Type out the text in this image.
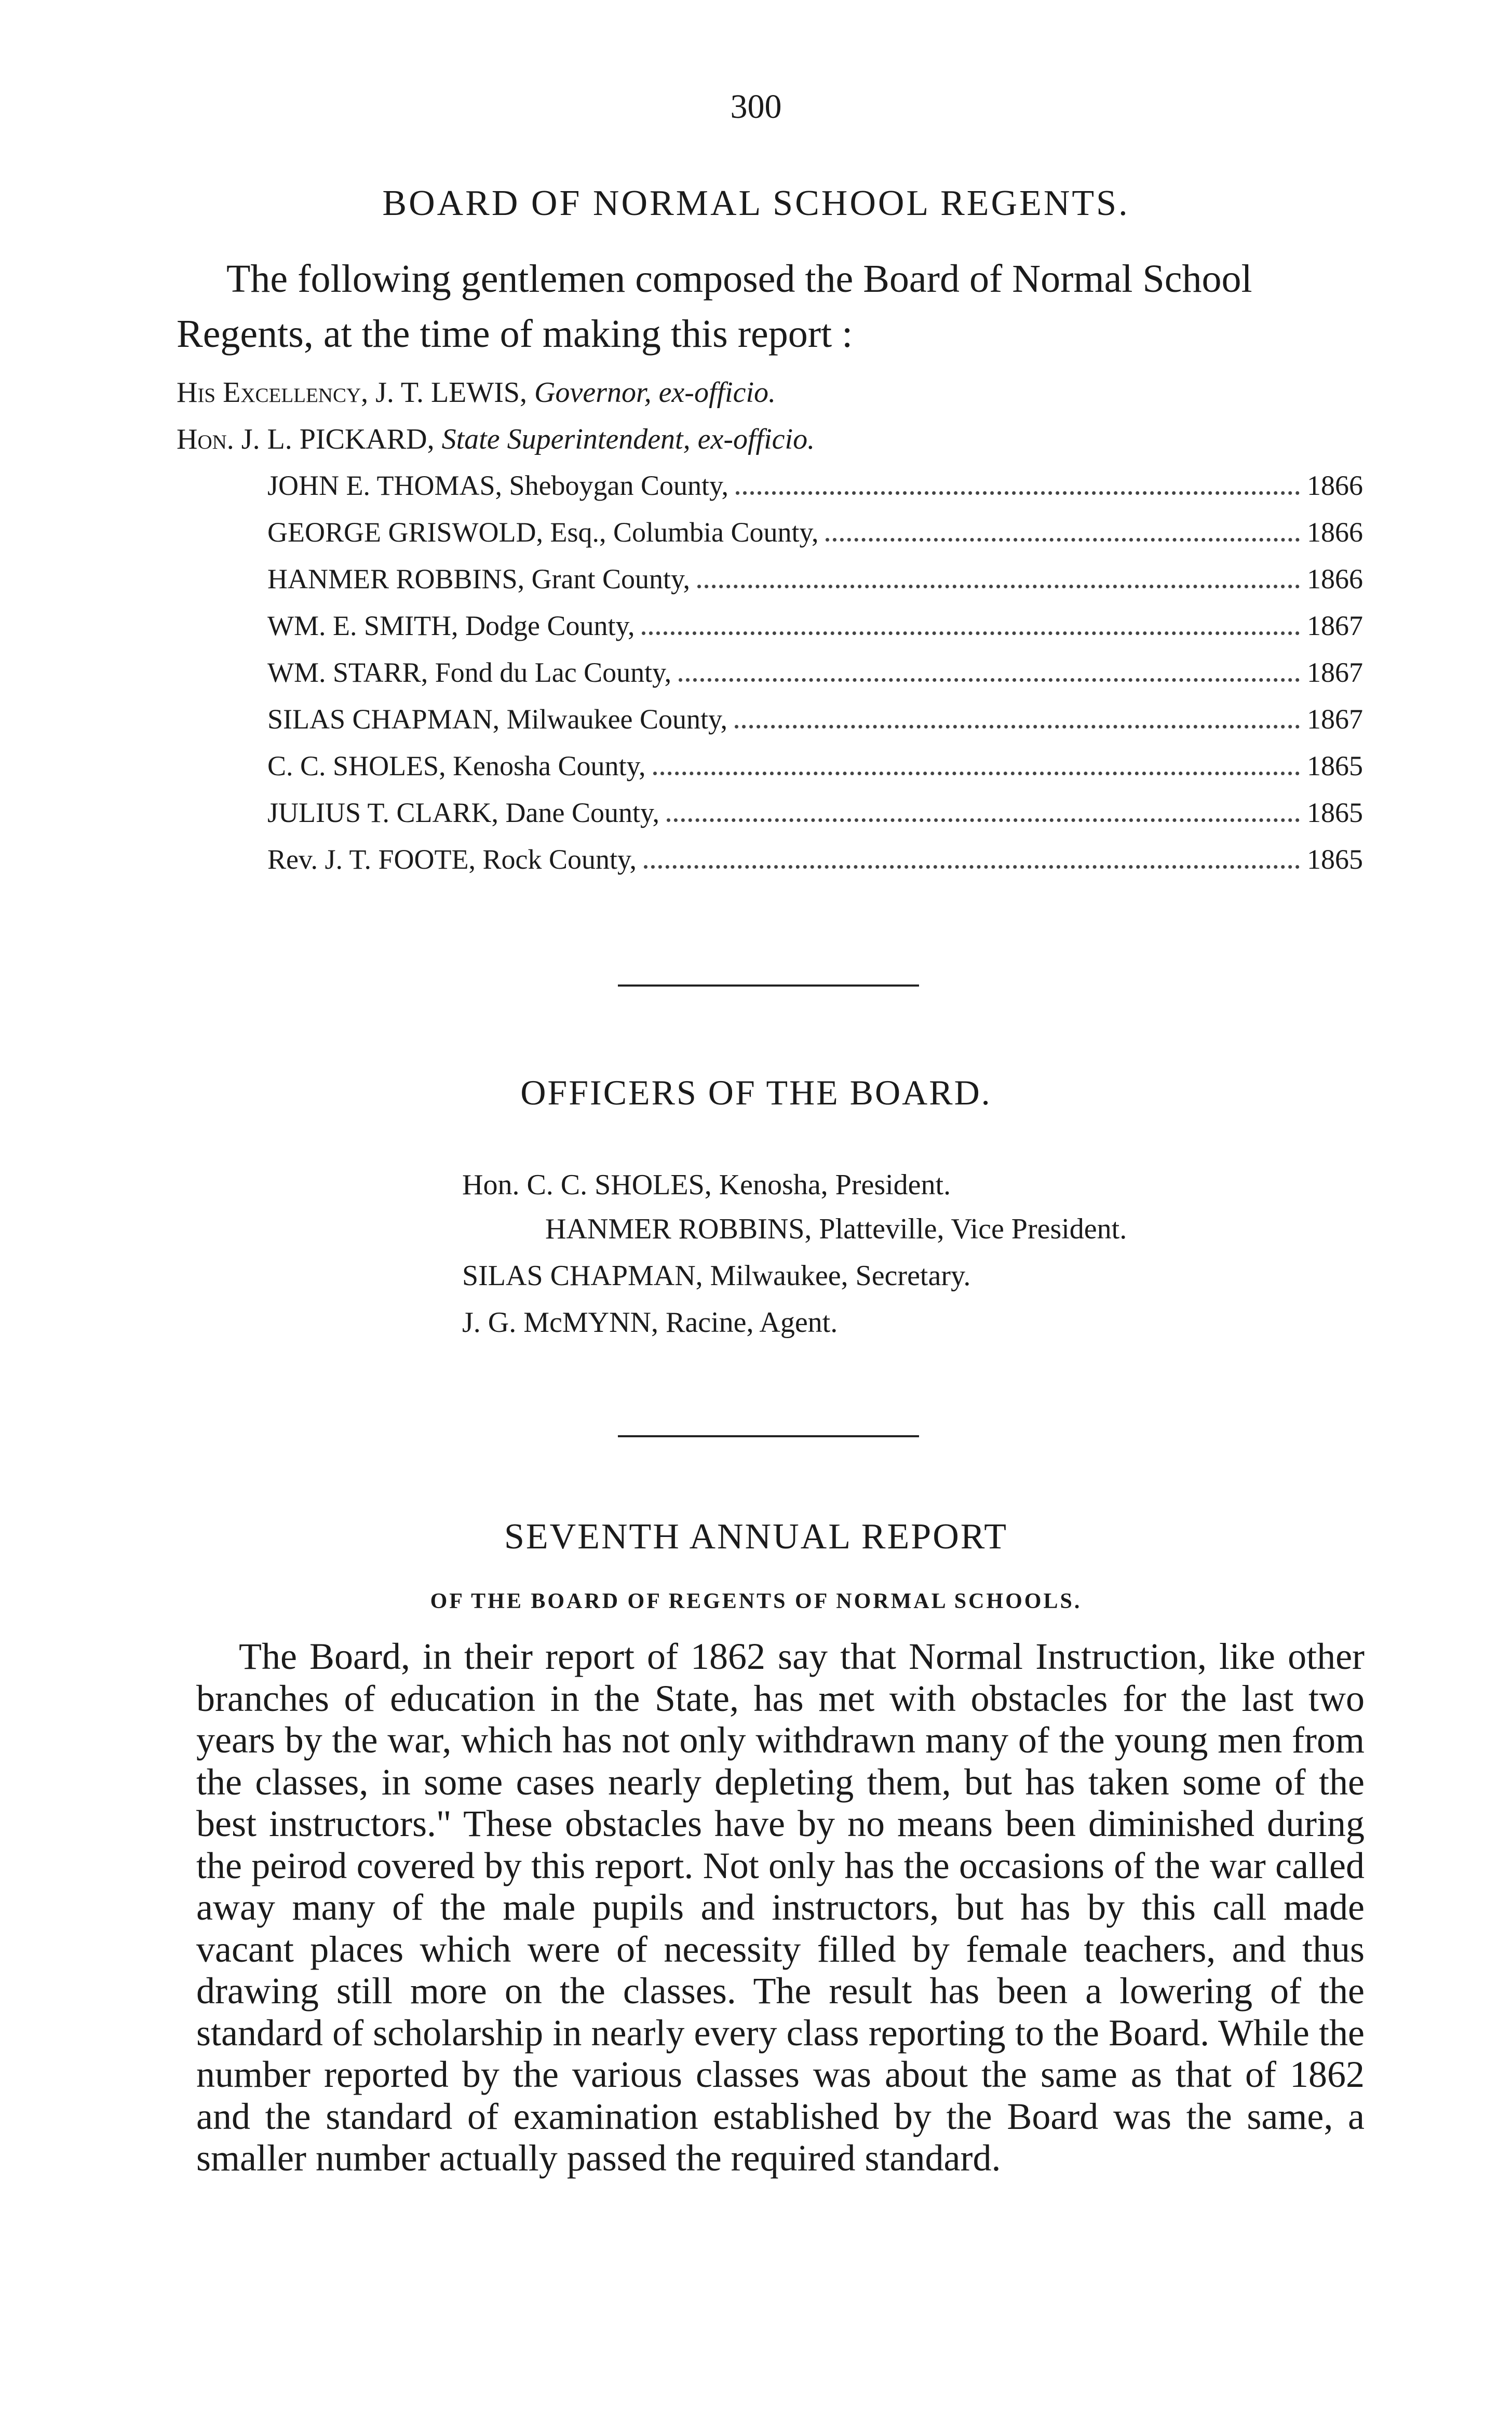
300
BOARD OF NORMAL SCHOOL REGENTS.
The following gentlemen composed the Board of Normal School
Regents, at the time of making this report :
His Excellency, J. T. LEWIS, Governor, ex-officio.
Hon. J. L. PICKARD, State Superintendent, ex-officio.
JOHN E. THOMAS, Sheboygan County,	1866
GEORGE GRISWOLD, Esq., Columbia County,	1866
HANMER ROBBINS, Grant County,	1866
WM. E. SMITH, Dodge County,	1867
WM. STARR, Fond du Lac County,	1867
SILAS CHAPMAN, Milwaukee County,	1867
C. C. SHOLES, Kenosha County,	1865
JULIUS T. CLARK, Dane County,	1865
Rev. J. T. FOOTE, Rock County,	1865
OFFICERS OF THE BOARD.
Hon. C. C. SHOLES, Kenosha, President.
HANMER ROBBINS, Platteville, Vice President.
SILAS CHAPMAN, Milwaukee, Secretary.
J. G. McMYNN, Racine, Agent.
SEVENTH ANNUAL REPORT
OF THE BOARD OF REGENTS OF NORMAL SCHOOLS.
The Board, in their report of 1862 say that Normal Instruction, like other branches of education in the State, has met with obstacles for the last two years by the war, which has not only withdrawn many of the young men from the classes, in some cases nearly depleting them, but has taken some of the best instructors." These obstacles have by no means been diminished during the peirod covered by this report. Not only has the occasions of the war called away many of the male pupils and instructors, but has by this call made vacant places which were of necessity filled by female teachers, and thus drawing still more on the classes. The result has been a lowering of the standard of scholarship in nearly every class reporting to the Board. While the number reported by the various classes was about the same as that of 1862 and the standard of examination established by the Board was the same, a smaller number actually passed the required standard.
